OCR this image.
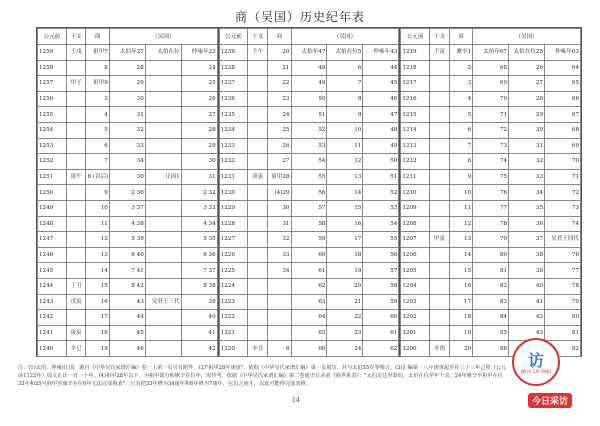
商（吴国）历史纪年表
公元前	干支	商	（吴国）		
1259	壬戌	祖甲7	太伯年27	太伯在位	仲雍年23
1258		8	28		24
1257	甲子	祖甲9	29		25
1256		3	30		26
1255		4	31		27
1254		5	32		28
1253		6	33		29
1252		7	34		30
1251	庚午	8 (以后)	30	让国1	31
1250		9	2 36		2 32
1249		10	3 37		3 33
1248		11	4 38		4 34
1247		12	5 39		5 35
1246		13	6 40		6 36
1245		14	7 41		7 37
1244	丁丑	15	8 42		8 38
1243	戊寅	16	43	吴君王三代	39
1242		17	44		40
1241	庚辰	18	45		41
1240	辛巳	19	46		42
公元前	干支	商	（吴国）		
1239	壬午	20	太伯年47	太伯在位5	仲雍年43
1238		21	48	6	44
1237		22	49	7	45
1236		23	50	8	46
1235		24	51	9	47
1234		25	52	10	48
1233		26	53	11	49
1232		27	54	12	50
1231	庚寅	祖甲28	55	13	51
1230		(4)29	56	14	52
1229		30	57	15	53
1228		31	58	16	54
1227		32	59	17	55
1226		33	60	18	56
1225		34	61	19	57
1224			62	20	58
1223			63	21	59
1222			64	22	60
1221			65	23	61
1220	辛丑	6	66	24	62
公元前	干支	商	（吴国）		
1219	壬寅	廪辛1	太伯年67	太伯在位25	仲雍年63
1218		2	68	26	64
1217		3	69	27	65
1216		4	70	28	66
1215		5	71	29	67
1214		6	72	30	68
1213		7	73	31	69
1212		8	74	32	70
1211		9	75	33	71
1210		10	76	34	72
1209		11	77	35	73
1208		12	78	36	74
1207	甲寅	13	79	37	吴君王四代
1206		14	80	38	76
1205		15	81	39	77
1204		16	82	40	78
1203		17	83	41	79
1202		18	84	42	80
1201		19	85	43	81
1200	辛酉	20	86		82
注：(1)太伯、仲雍)让国，源自《中华吴氏家谱汇编》卷一上第一页另有附件，(2)"祖甲28年庚寅"，依据《中华吴氏家谱汇编》第一页填写，并与太伯55岁等吻合。(3)汇编第一八年庚寅起至社三十三年己卯（公元前1122年）周文止计一百一十年。(4)祖甲28年以下，为祖甲部分和廪辛在位年，需待考。依据《中华吴氏家谱汇编》第二卷通史目录前《商世系表》："太伯走达至泰伯，太伯在位至年十余，24年廪辛至祖甲在位33年和25号商甲至康辛在位6年无法完成填表"，只有把33年修为34康年和6年修为7康年，它们之间才，以此可能得完成表格。
14
访
JIN RI CAI FANG
今日采访
